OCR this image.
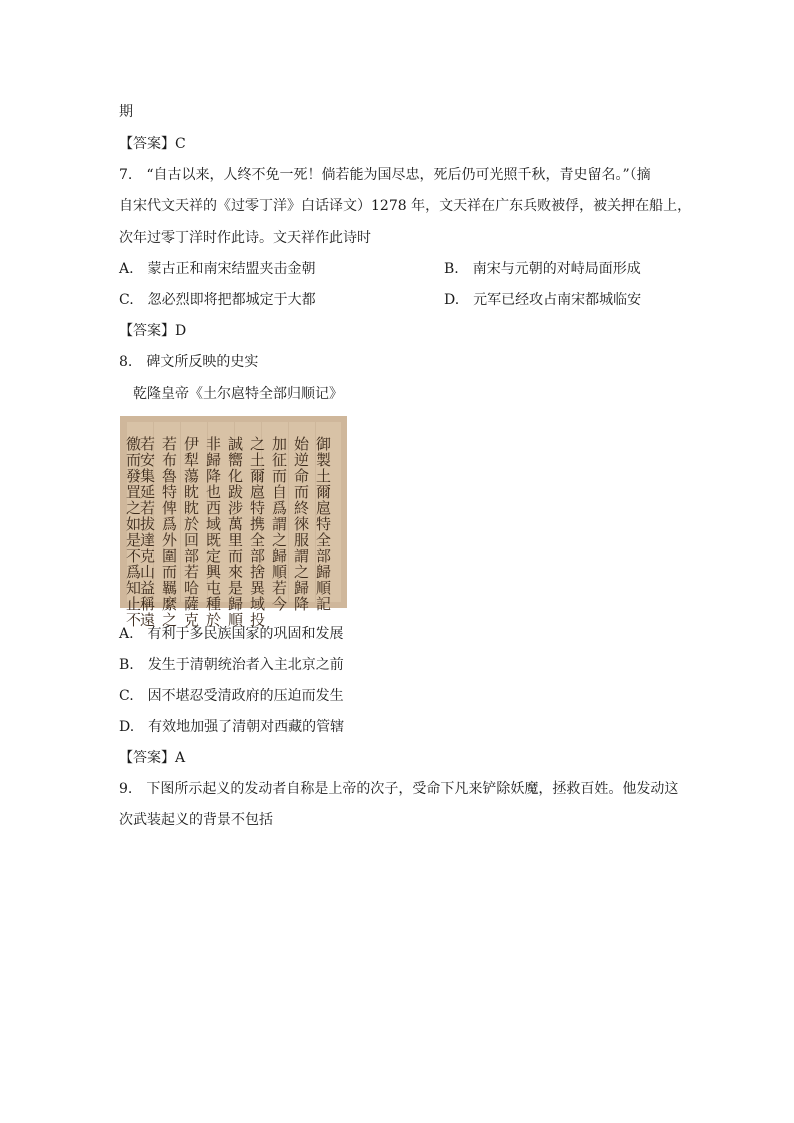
期
【答案】C
7.　“自古以来，人终不免一死！倘若能为国尽忠，死后仍可光照千秋，青史留名。”（摘
自宋代文天祥的《过零丁洋》白话译文）1278 年，文天祥在广东兵败被俘，被关押在船上，
次年过零丁洋时作此诗。文天祥作此诗时
A.　蒙古正和南宋结盟夹击金朝	B.　南宋与元朝的对峙局面形成
C.　忽必烈即将把都城定于大都	D.　元军已经攻占南宋都城临安
【答案】D
8.　碑文所反映的史实
乾隆皇帝《土尔扈特全部归顺记》
御製土爾扈特全部歸順記
始逆命而終徠服謂之歸降
加征而自爲謂之歸順若今
之土爾扈特携全部捨異域投
誠嚮化跋涉萬里而來是歸順
非歸降也西域既定興屯種於
伊犁蕩眈眈於回部若哈薩克
若布魯特俾爲外圍而羈縻之
若安集延若拔達克山益稱遠
徼而發罝之如是不爲知止不
A.　有利于多民族国家的巩固和发展
B.　发生于清朝统治者入主北京之前
C.　因不堪忍受清政府的压迫而发生
D.　有效地加强了清朝对西藏的管辖
【答案】A
9.　下图所示起义的发动者自称是上帝的次子，受命下凡来铲除妖魔，拯救百姓。他发动这
次武装起义的背景不包括
